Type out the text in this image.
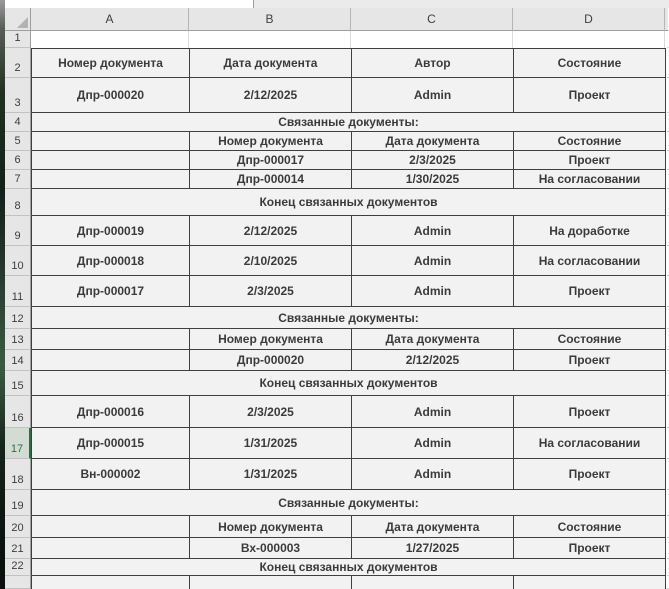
A	B	C	D
1
2	Номер документа	Дата документа	Автор	Состояние
3
Дпр-000020	2/12/2025	Admin	Проект
4	Связанные документы:
5	Номер документа	Дата документа	Состояние
6	Дпр-000017	2/3/2025	Проект
7	Дпр-000014	1/30/2025	На согласовании
8	Конец связанных документов
9	Дпр-000019	2/12/2025	Admin	На доработке
10	Дпр-000018	2/10/2025	Admin	На согласовании
11	Дпр-000017	2/3/2025	Admin	Проект
12	Связанные документы:
13	Номер документа	Дата документа	Состояние
14	Дпр-000020	2/12/2025	Проект
15	Конец связанных документов
16	Дпр-000016	2/3/2025	Admin	Проект
17	Дпр-000015	1/31/2025	Admin	На согласовании
18	Вн-000002	1/31/2025	Admin	Проект
19	Связанные документы:
20	Номер документа	Дата документа	Состояние
21	Вх-000003	1/27/2025	Проект
22	Конец связанных документов
